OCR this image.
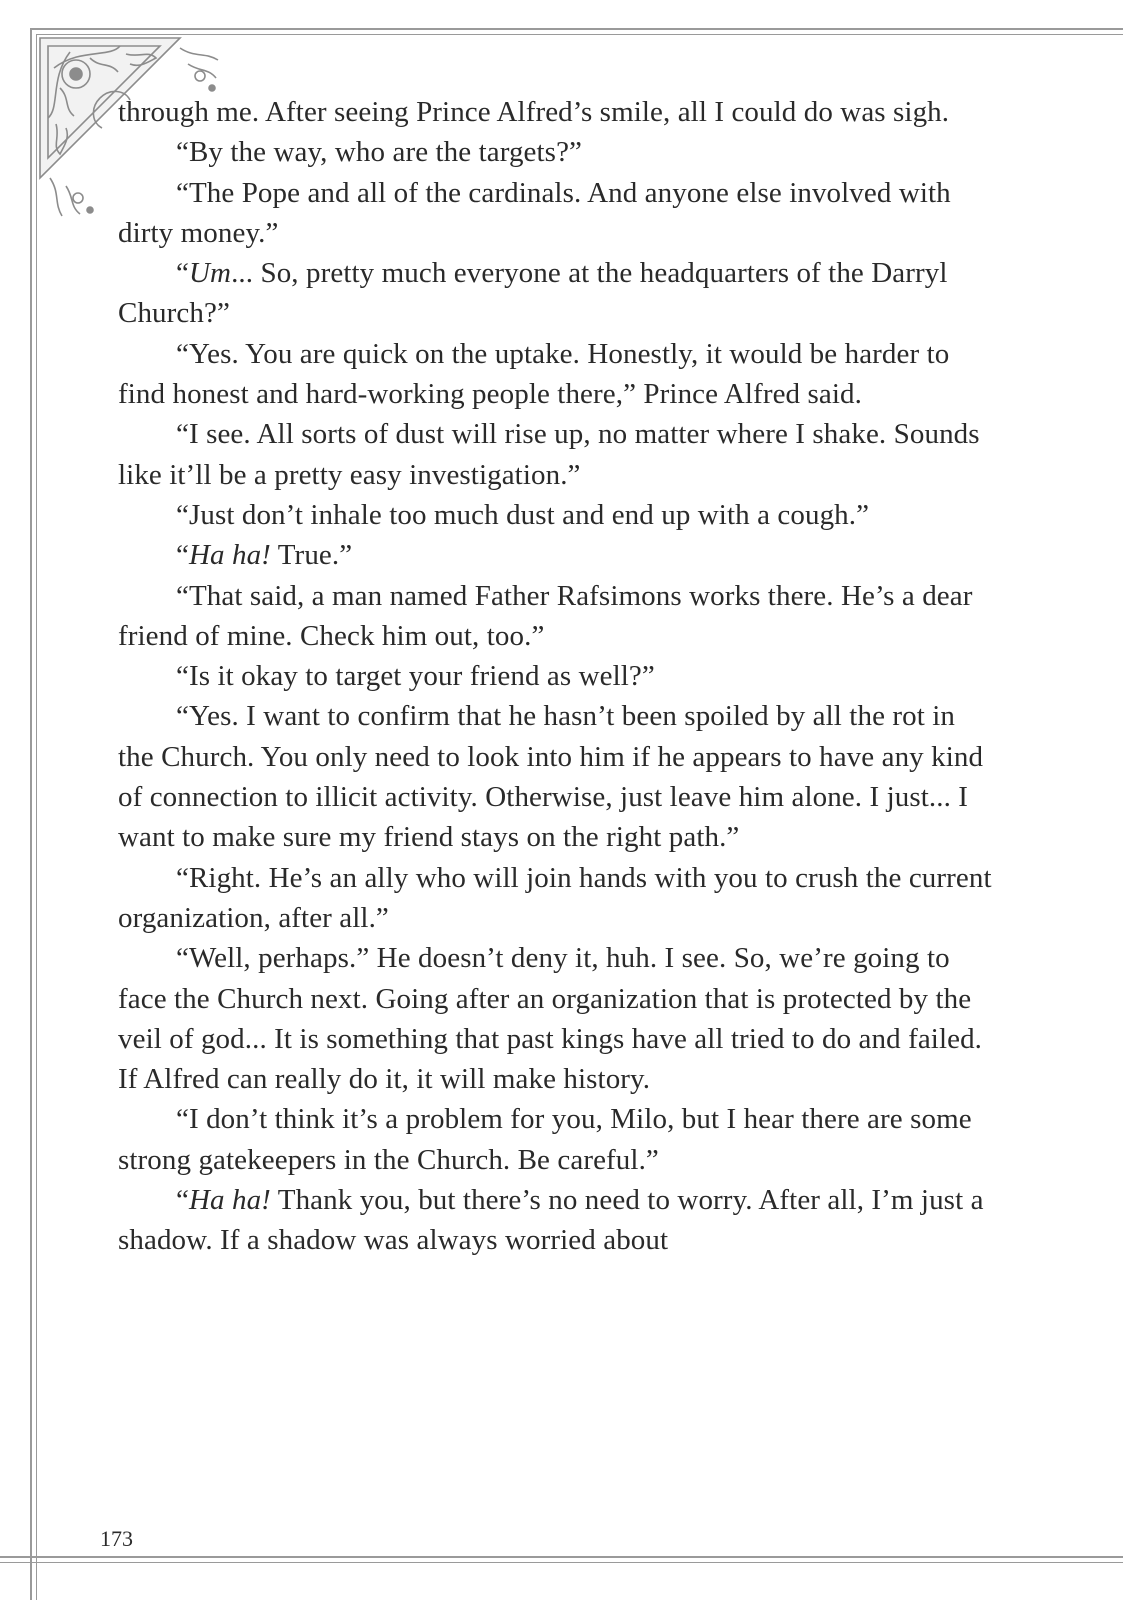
through me. After seeing Prince Alfred’s smile, all I could do was sigh.

“By the way, who are the targets?”

“The Pope and all of the cardinals. And anyone else involved with dirty money.”

“Um... So, pretty much everyone at the headquarters of the Darryl Church?”

“Yes. You are quick on the uptake. Honestly, it would be harder to find honest and hard-working people there,” Prince Alfred said.

“I see. All sorts of dust will rise up, no matter where I shake. Sounds like it’ll be a pretty easy investigation.”

“Just don’t inhale too much dust and end up with a cough.”

“Ha ha! True.”

“That said, a man named Father Rafsimons works there. He’s a dear friend of mine. Check him out, too.”

“Is it okay to target your friend as well?”

“Yes. I want to confirm that he hasn’t been spoiled by all the rot in the Church. You only need to look into him if he appears to have any kind of connection to illicit activity. Otherwise, just leave him alone. I just... I want to make sure my friend stays on the right path.”

“Right. He’s an ally who will join hands with you to crush the current organization, after all.”

“Well, perhaps.” He doesn’t deny it, huh. I see. So, we’re going to face the Church next. Going after an organization that is protected by the veil of god... It is something that past kings have all tried to do and failed. If Alfred can really do it, it will make history.

“I don’t think it’s a problem for you, Milo, but I hear there are some strong gatekeepers in the Church. Be careful.”

“Ha ha! Thank you, but there’s no need to worry. After all, I’m just a shadow. If a shadow was always worried about

173
